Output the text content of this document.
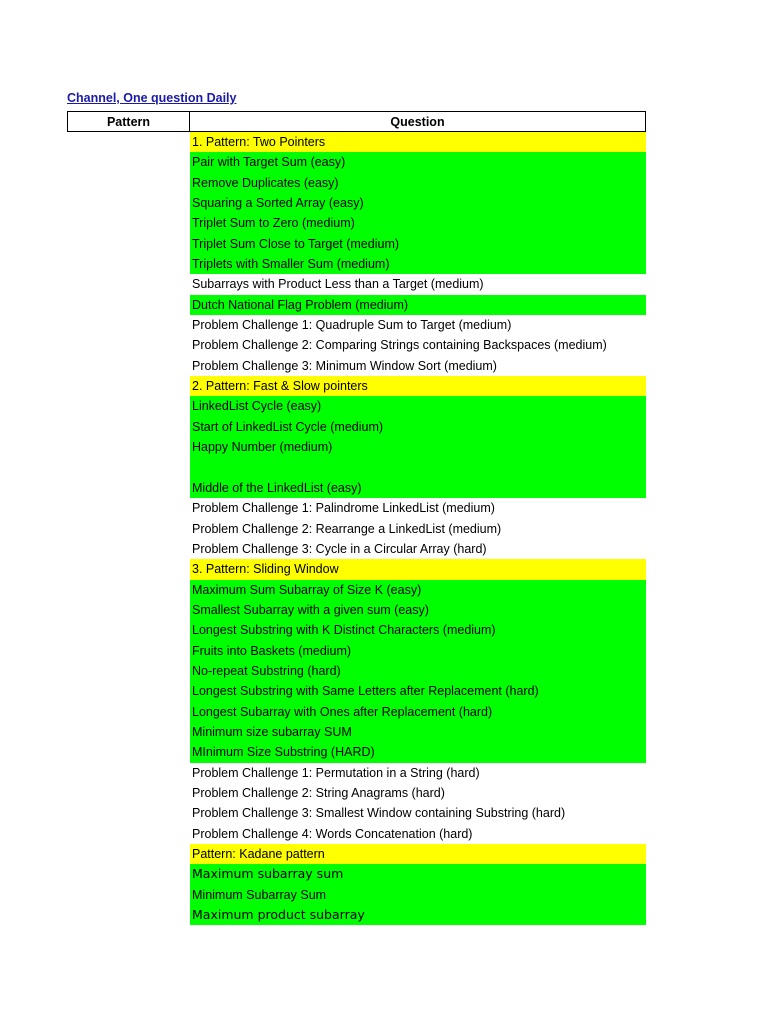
Channel, One question Daily
Pattern	Question
1. Pattern: Two Pointers
Pair with Target Sum (easy)
Remove Duplicates (easy)
Squaring a Sorted Array (easy)
Triplet Sum to Zero (medium)
Triplet Sum Close to Target (medium)
Triplets with Smaller Sum (medium)
Subarrays with Product Less than a Target (medium)
Dutch National Flag Problem (medium)
Problem Challenge 1: Quadruple Sum to Target (medium)
Problem Challenge 2: Comparing Strings containing Backspaces (medium)
Problem Challenge 3: Minimum Window Sort (medium)
2. Pattern: Fast & Slow pointers
LinkedList Cycle (easy)
Start of LinkedList Cycle (medium)
Happy Number (medium)
Middle of the LinkedList (easy)
Problem Challenge 1: Palindrome LinkedList (medium)
Problem Challenge 2: Rearrange a LinkedList (medium)
Problem Challenge 3: Cycle in a Circular Array (hard)
3. Pattern: Sliding Window
Maximum Sum Subarray of Size K (easy)
Smallest Subarray with a given sum (easy)
Longest Substring with K Distinct Characters (medium)
Fruits into Baskets (medium)
No-repeat Substring (hard)
Longest Substring with Same Letters after Replacement (hard)
Longest Subarray with Ones after Replacement (hard)
Minimum size subarray SUM
MInimum Size Substring (HARD)
Problem Challenge 1: Permutation in a String (hard)
Problem Challenge 2: String Anagrams (hard)
Problem Challenge 3: Smallest Window containing Substring (hard)
Problem Challenge 4: Words Concatenation (hard)
Pattern: Kadane pattern
Maximum subarray sum
Minimum Subarray Sum
Maximum product subarray
